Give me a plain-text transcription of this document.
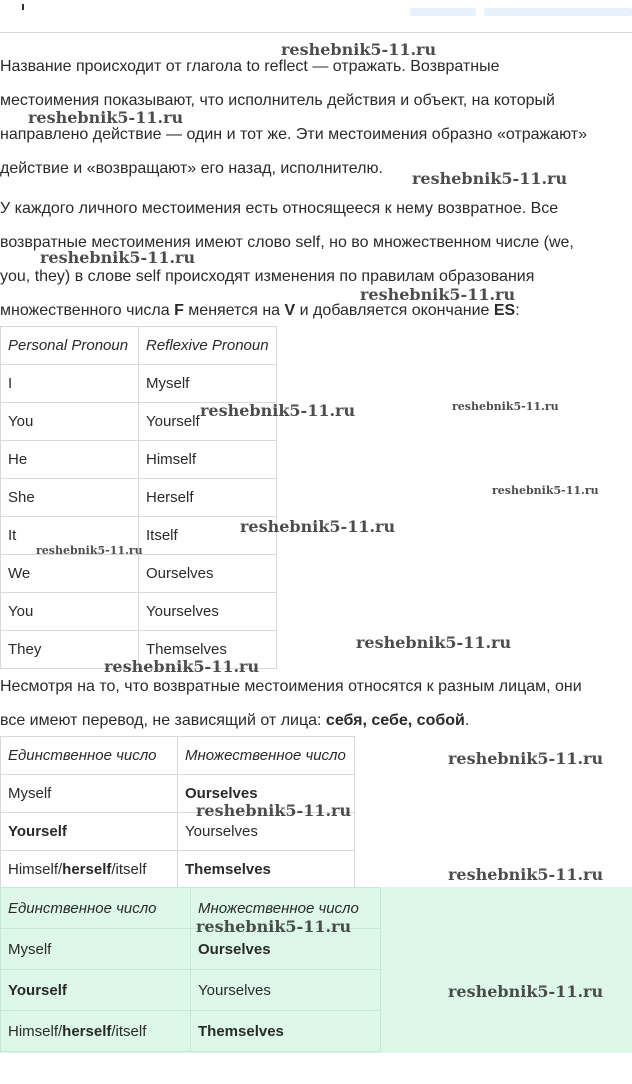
Название происходит от глагола to reflect — отражать. Возвратные
местоимения показывают, что исполнитель действия и объект, на который
направлено действие — один и тот же. Эти местоимения образно «отражают»
действие и «возвращают» его назад, исполнителю.

У каждого личного местоимения есть относящееся к нему возвратное. Все
возвратные местоимения имеют слово self, но во множественном числе (we,
you, they) в слове self происходят изменения по правилам образования
множественного числа F меняется на V и добавляется окончание ES:

Personal Pronoun	Reflexive Pronoun
I	Myself
You	Yourself
He	Himself
She	Herself
It	Itself
We	Ourselves
You	Yourselves
They	Themselves

Несмотря на то, что возвратные местоимения относятся к разным лицам, они
все имеют перевод, не зависящий от лица: себя, себе, собой.

Единственное число	Множественное число
Myself	Ourselves
Yourself	Yourselves
Himself/herself/itself	Themselves
Единственное число	Множественное число
Myself	Ourselves
Yourself	Yourselves
Himself/herself/itself	Themselves
reshebnik5-11.ru
reshebnik5-11.ru
reshebnik5-11.ru
reshebnik5-11.ru
reshebnik5-11.ru
reshebnik5-11.ru	reshebnik5-11.ru
reshebnik5-11.ru
reshebnik5-11.ru
reshebnik5-11.ru
reshebnik5-11.ru
reshebnik5-11.ru
reshebnik5-11.ru
reshebnik5-11.ru
reshebnik5-11.ru
reshebnik5-11.ru
reshebnik5-11.ru
